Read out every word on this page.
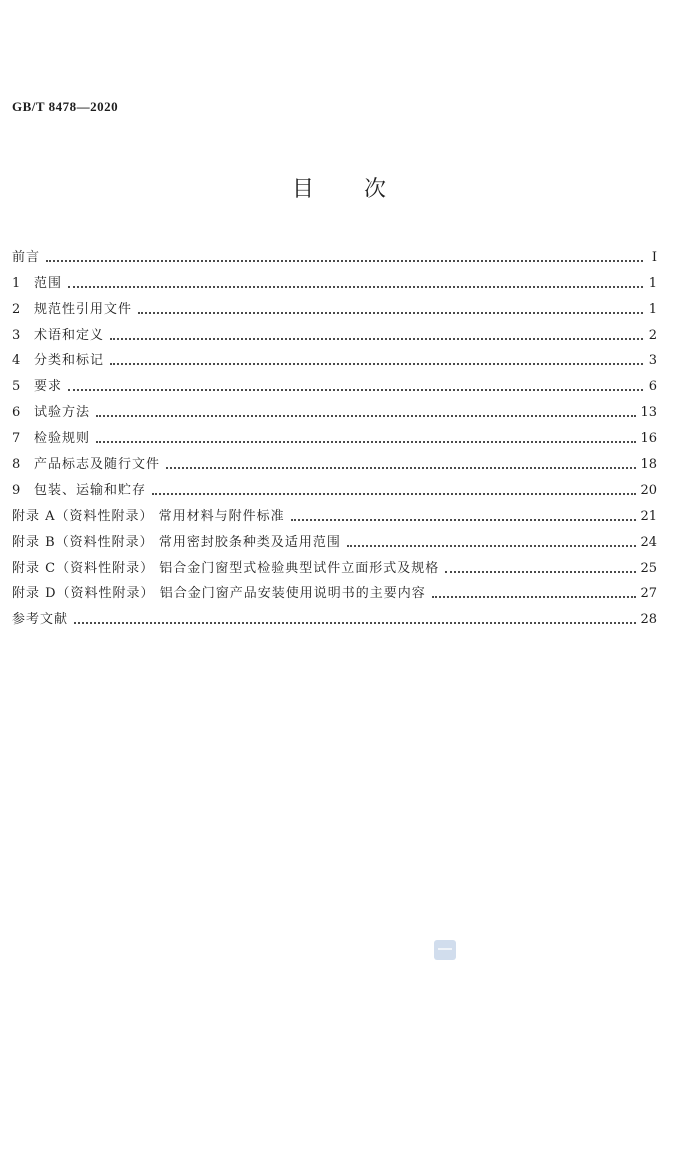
GB/T 8478—2020
目 次
前言	Ⅰ
1	范围	1
2	规范性引用文件	1
3	术语和定义	2
4	分类和标记	3
5	要求	6
6	试验方法	13
7	检验规则	16
8	产品标志及随行文件	18
9	包装、运输和贮存	20
附录 A（资料性附录） 常用材料与附件标准	21
附录 B（资料性附录） 常用密封胶条种类及适用范围	24
附录 C（资料性附录） 铝合金门窗型式检验典型试件立面形式及规格	25
附录 D（资料性附录） 铝合金门窗产品安装使用说明书的主要内容	27
参考文献	28
